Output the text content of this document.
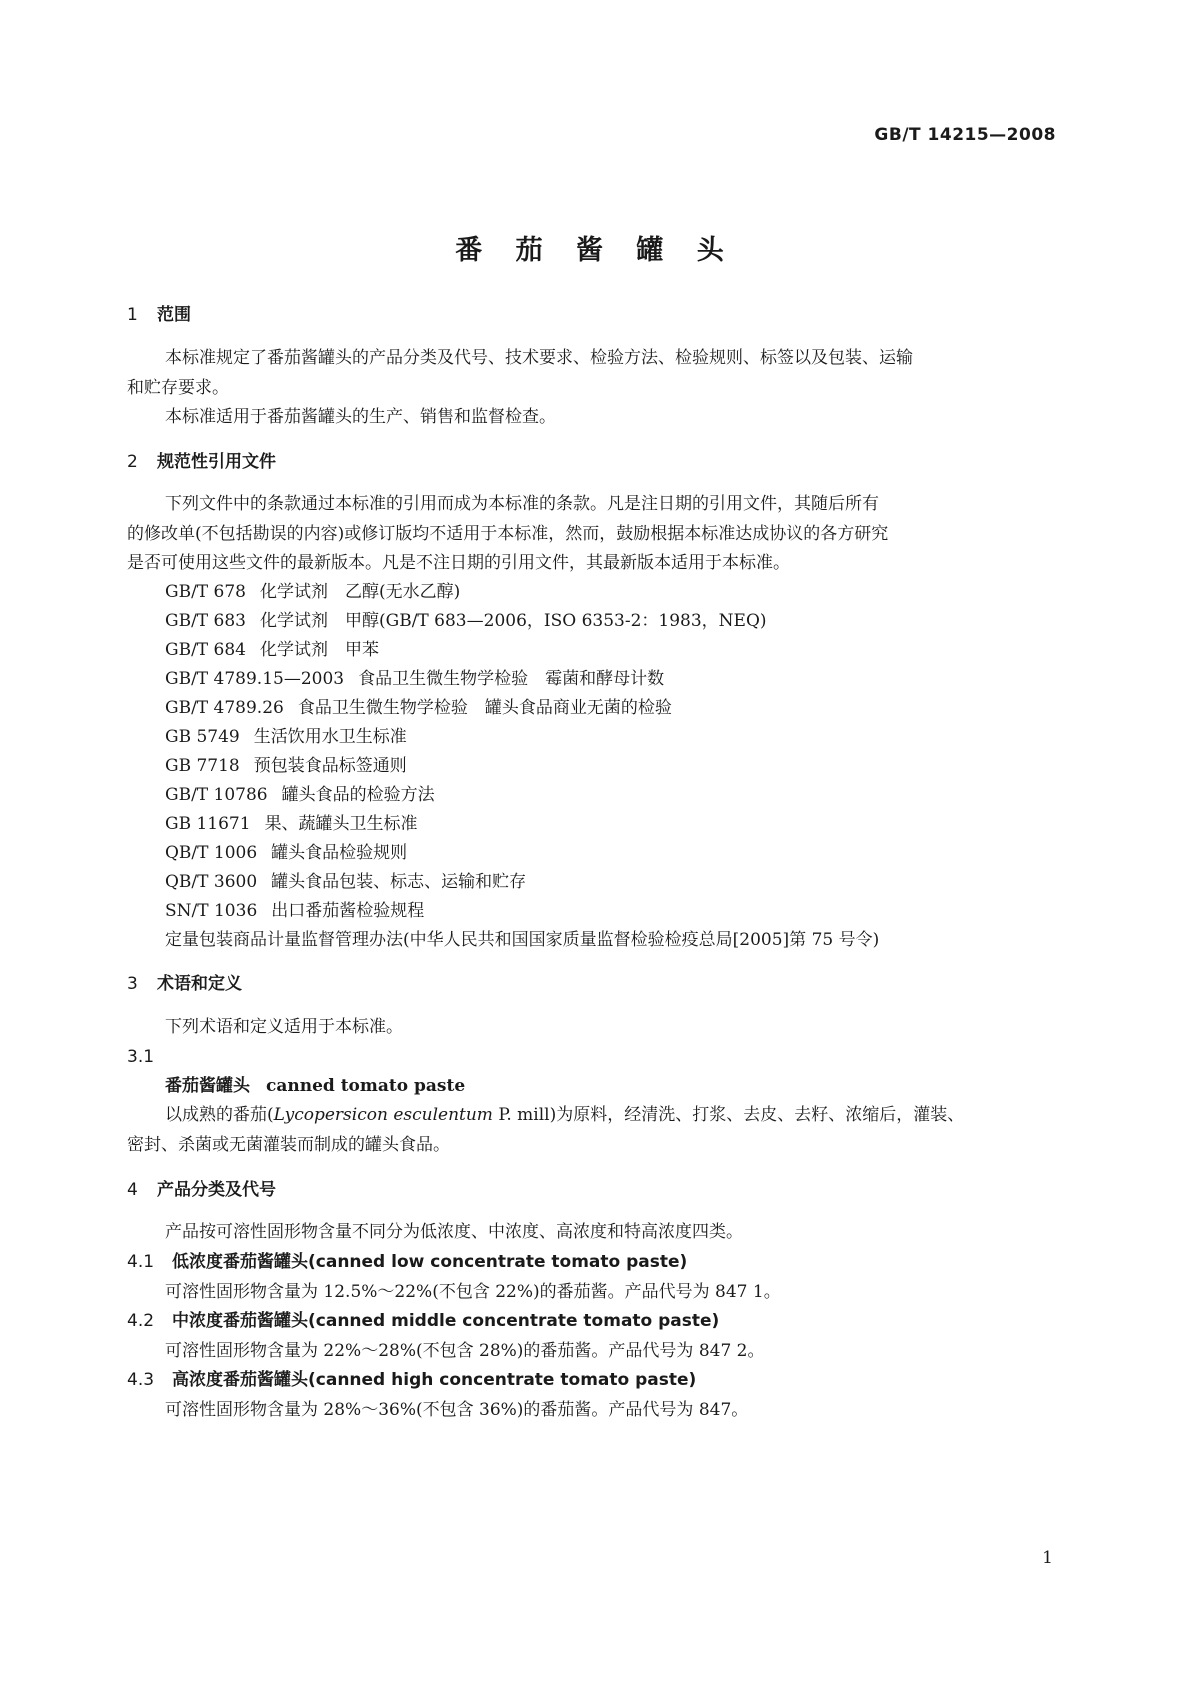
GB/T 14215—2008
番 茄 酱 罐 头
1 范围
本标准规定了番茄酱罐头的产品分类及代号、技术要求、检验方法、检验规则、标签以及包装、运输
和贮存要求。
本标准适用于番茄酱罐头的生产、销售和监督检查。
2 规范性引用文件
下列文件中的条款通过本标准的引用而成为本标准的条款。凡是注日期的引用文件，其随后所有
的修改单(不包括勘误的内容)或修订版均不适用于本标准，然而，鼓励根据本标准达成协议的各方研究
是否可使用这些文件的最新版本。凡是不注日期的引用文件，其最新版本适用于本标准。
GB/T 678 化学试剂　乙醇(无水乙醇)
GB/T 683 化学试剂　甲醇(GB/T 683—2006，ISO 6353-2：1983，NEQ)
GB/T 684 化学试剂　甲苯
GB/T 4789.15—2003 食品卫生微生物学检验　霉菌和酵母计数
GB/T 4789.26 食品卫生微生物学检验　罐头食品商业无菌的检验
GB 5749 生活饮用水卫生标准
GB 7718 预包装食品标签通则
GB/T 10786 罐头食品的检验方法
GB 11671 果、蔬罐头卫生标准
QB/T 1006 罐头食品检验规则
QB/T 3600 罐头食品包装、标志、运输和贮存
SN/T 1036 出口番茄酱检验规程
定量包装商品计量监督管理办法(中华人民共和国国家质量监督检验检疫总局[2005]第 75 号令)
3 术语和定义
下列术语和定义适用于本标准。
3.1
番茄酱罐头 canned tomato paste
以成熟的番茄(Lycopersicon esculentum P. mill)为原料，经清洗、打浆、去皮、去籽、浓缩后，灌装、
密封、杀菌或无菌灌装而制成的罐头食品。
4 产品分类及代号
产品按可溶性固形物含量不同分为低浓度、中浓度、高浓度和特高浓度四类。
4.1 低浓度番茄酱罐头(canned low concentrate tomato paste)
可溶性固形物含量为 12.5%～22%(不包含 22%)的番茄酱。产品代号为 847 1。
4.2 中浓度番茄酱罐头(canned middle concentrate tomato paste)
可溶性固形物含量为 22%～28%(不包含 28%)的番茄酱。产品代号为 847 2。
4.3 高浓度番茄酱罐头(canned high concentrate tomato paste)
可溶性固形物含量为 28%～36%(不包含 36%)的番茄酱。产品代号为 847。
1
